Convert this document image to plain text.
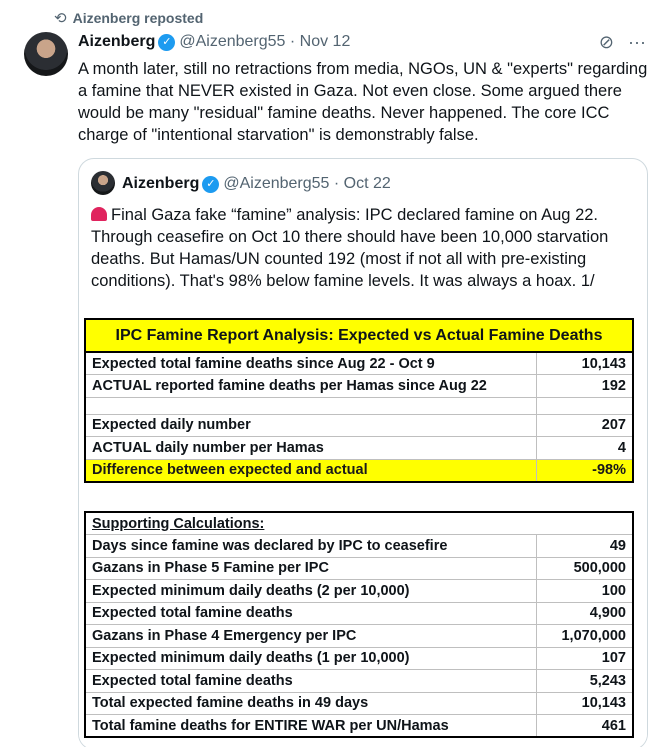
⟲ Aizenberg reposted
Aizenberg ✓ @Aizenberg55 · Nov 12	⊘ ···
A month later, still no retractions from media, NGOs, UN & "experts" regarding a famine that NEVER existed in Gaza. Not even close. Some argued there would be many "residual" famine deaths. Never happened. The core ICC charge of "intentional starvation" is demonstrably false.
Aizenberg ✓ @Aizenberg55 · Oct 22
Final Gaza fake “famine” analysis: IPC declared famine on Aug 22. Through ceasefire on Oct 10 there should have been 10,000 starvation deaths. But Hamas/UN counted 192 (most if not all with pre-existing conditions). That's 98% below famine levels. It was always a hoax. 1/
IPC Famine Report Analysis: Expected vs Actual Famine Deaths	
Expected total famine deaths since Aug 22 - Oct 9	10,143
ACTUAL reported famine deaths per Hamas since Aug 22	192

Expected daily number	207
ACTUAL daily number per Hamas	4
Difference between expected and actual	-98%
Supporting Calculations:	
Days since famine was declared by IPC to ceasefire	49
Gazans in Phase 5 Famine per IPC	500,000
Expected minimum daily deaths (2 per 10,000)	100
Expected total famine deaths	4,900
Gazans in Phase 4 Emergency per IPC	1,070,000
Expected minimum daily deaths (1 per 10,000)	107
Expected total famine deaths	5,243
Total expected famine deaths in 49 days	10,143
Total famine deaths for ENTIRE WAR per UN/Hamas	461
